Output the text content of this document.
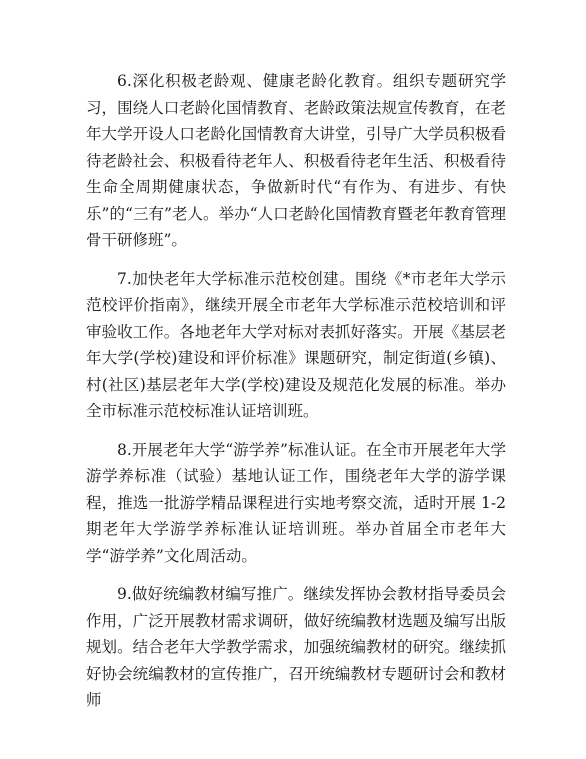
6.深化积极老龄观、健康老龄化教育。组织专题研究学习，围绕人口老龄化国情教育、老龄政策法规宣传教育，在老年大学开设人口老龄化国情教育大讲堂，引导广大学员积极看待老龄社会、积极看待老年人、积极看待老年生活、积极看待生命全周期健康状态，争做新时代“有作为、有进步、有快乐”的“三有”老人。举办“人口老龄化国情教育暨老年教育管理骨干研修班”。

7.加快老年大学标准示范校创建。围绕《*市老年大学示范校评价指南》，继续开展全市老年大学标准示范校培训和评审验收工作。各地老年大学对标对表抓好落实。开展《基层老年大学(学校)建设和评价标准》课题研究，制定街道(乡镇)、村(社区)基层老年大学(学校)建设及规范化发展的标准。举办全市标准示范校标准认证培训班。

8.开展老年大学“游学养”标准认证。在全市开展老年大学游学养标准（试验）基地认证工作，围绕老年大学的游学课程，推选一批游学精品课程进行实地考察交流，适时开展 1-2 期老年大学游学养标准认证培训班。举办首届全市老年大学“游学养”文化周活动。

9.做好统编教材编写推广。继续发挥协会教材指导委员会作用，广泛开展教材需求调研，做好统编教材选题及编写出版规划。结合老年大学教学需求，加强统编教材的研究。继续抓好协会统编教材的宣传推广，召开统编教材专题研讨会和教材师
